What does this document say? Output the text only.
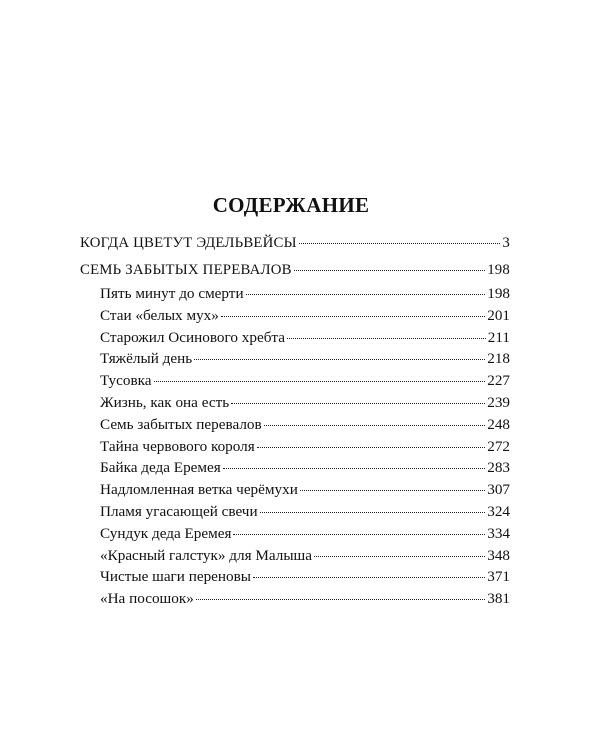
СОДЕРЖАНИЕ
КОГДА ЦВЕТУТ ЭДЕЛЬВЕЙСЫ	3
СЕМЬ ЗАБЫТЫХ ПЕРЕВАЛОВ	198
Пять минут до смерти	198
Стаи «белых мух»	201
Старожил Осинового хребта	211
Тяжёлый день	218
Тусовка	227
Жизнь, как она есть	239
Семь забытых перевалов	248
Тайна червового короля	272
Байка деда Еремея	283
Надломленная ветка черёмухи	307
Пламя угасающей свечи	324
Сундук деда Еремея	334
«Красный галстук» для Малыша	348
Чистые шаги переновы	371
«На посошок»	381
